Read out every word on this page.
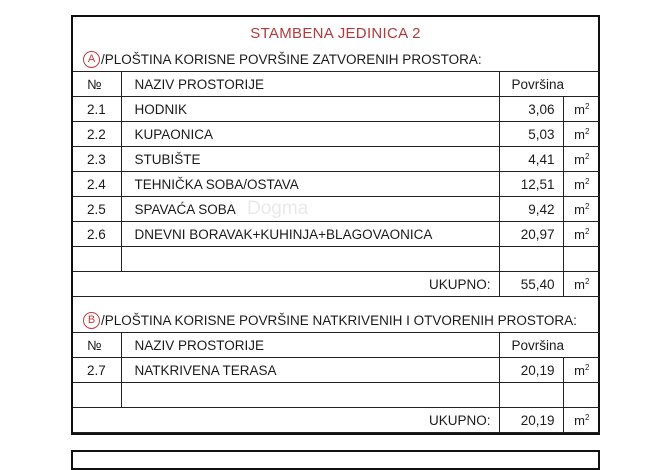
STAMBENA JEDINICA 2
A /PLOŠTINA KORISNE POVRŠINE ZATVORENIH PROSTORA:
№	NAZIV PROSTORIJE	Površina	
2.1	HODNIK	3,06	$m^2$
2.2	KUPAONICA	5,03	$m^2$
2.3	STUBIŠTE	4,41	$m^2$
2.4	TEHNIČKA SOBA/OSTAVA	12,51	$m^2$
2.5	SPAVAĆA SOBA	9,42	$m^2$
2.6	DNEVNI BORAVAK+KUHINJA+BLAGOVAONICA	20,97	$m^2$

UKUPNO:		55,40	$m^2$
B /PLOŠTINA KORISNE POVRŠINE NATKRIVENIH I OTVORENIH PROSTORA:
№	NAZIV PROSTORIJE	Površina	
2.7	NATKRIVENA TERASA	20,19	$m^2$

UKUPNO:		20,19	$m^2$
Dogma
